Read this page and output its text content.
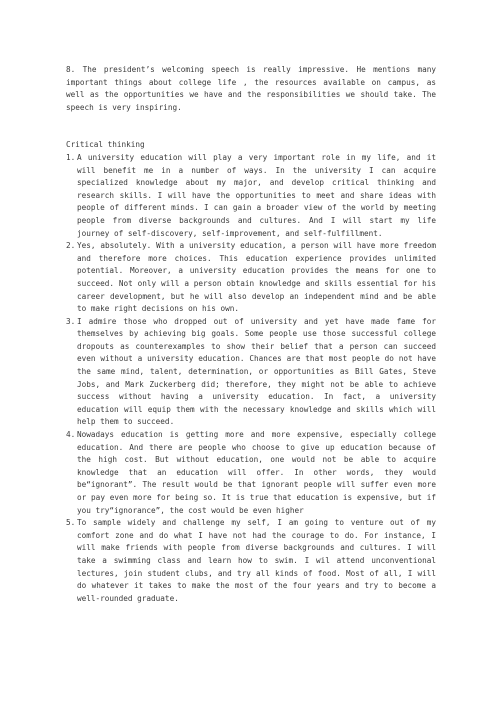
8. The president’s welcoming speech is really impressive. He mentions many important things about college life , the resources available on campus, as well as the opportunities we have and the responsibilities we should take. The speech is very inspiring.

Critical thinking

1. A university education will play a very important role in my life, and it will benefit me in a number of ways. In the university I can acquire specialized knowledge about my major, and develop critical thinking and research skills. I will have the opportunities to meet and share ideas with people of different minds. I can gain a broader view of the world by meeting people from diverse backgrounds and cultures. And I will start my life journey of self-discovery, self-improvement, and self-fulfillment.
2. Yes, absolutely. With a university education, a person will have more freedom and therefore more choices. This education experience provides unlimited potential. Moreover, a university education provides the means for one to succeed. Not only will a person obtain knowledge and skills essential for his career development, but he will also develop an independent mind and be able to make right decisions on his own.
3. I admire those who dropped out of university and yet have made fame for themselves by achieving big goals. Some people use those successful college dropouts as counterexamples to show their belief that a person can succeed even without a university education. Chances are that most people do not have the same mind, talent, determination, or opportunities as Bill Gates, Steve Jobs, and Mark Zuckerberg did; therefore, they might not be able to achieve success without having a university education. In fact, a university education will equip them with the necessary knowledge and skills which will help them to succeed.
4. Nowadays education is getting more and more expensive, especially college education. And there are people who choose to give up education because of the high cost. But without education, one would not be able to acquire knowledge that an education will offer. In other words, they would be“ignorant”. The result would be that ignorant people will suffer even more or pay even more for being so. It is true that education is expensive, but if you try“ignorance”, the cost would be even higher
5. To sample widely and challenge my self, I am going to venture out of my comfort zone and do what I have not had the courage to do. For instance, I will make friends with people from diverse backgrounds and cultures. I will take a swimming class and learn how to swim. I wil attend unconventional lectures, join student clubs, and try all kinds of food. Most of all, I will do whatever it takes to make the most of the four years and try to become a well-rounded graduate.
